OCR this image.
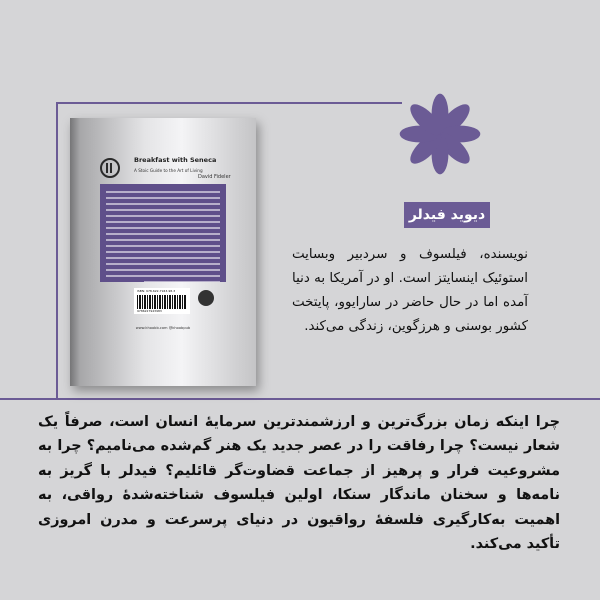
Breakfast with Seneca
A Stoic Guide to the Art of Living
David Fideler
ISBN: 978-622-7943-98-3
9786227943983
www.khoobb.com @khoobpub
دیوید فیدلر
نویسنده، فیلسوف و سردبیر وبسایت استوئیک اینسایتز است. او در آمریکا به دنیا آمده اما در حال حاضر در سارایوو، پایتخت کشور بوسنی و هرزگوین، زندگی می‌کند.
چرا اینکه زمان بزرگ‌ترین و ارزشمندترین سرمایهٔ انسان است، صرفاً یک شعار نیست؟ چرا رفاقت را در عصر جدید یک هنر گم‌شده می‌نامیم؟ چرا به مشروعیت فرار و پرهیز از جماعت قضاوت‌گر قائلیم؟ فیدلر با گریز به نامه‌ها و سخنان ماندگار سنکا، اولین فیلسوف شناخته‌شدهٔ رواقی، به اهمیت به‌کارگیری فلسفهٔ رواقیون در دنیای پرسرعت و مدرن امروزی تأکید می‌کند.
